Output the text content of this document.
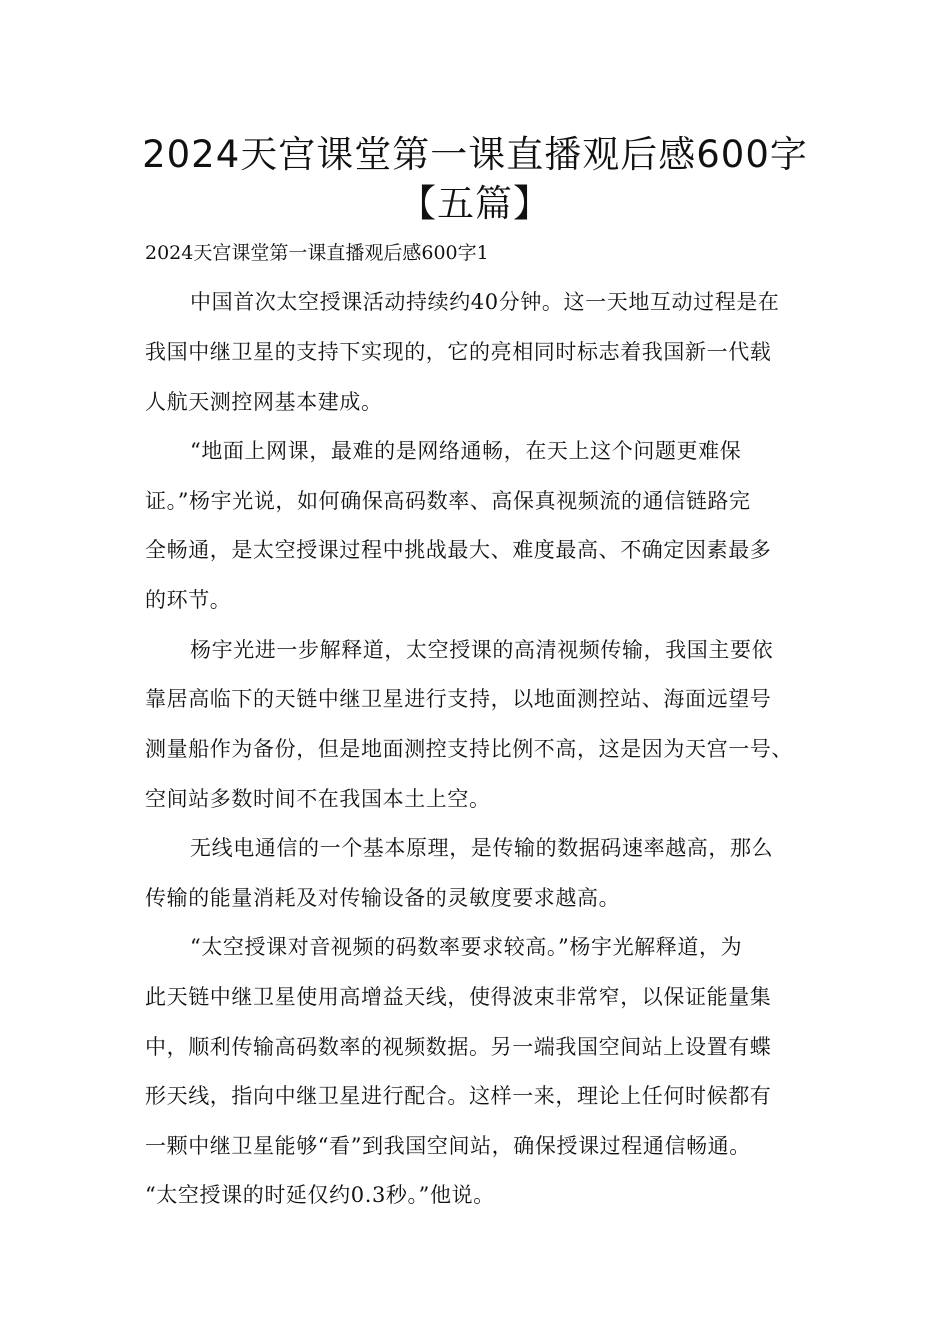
2024天宫课堂第一课直播观后感600字
【五篇】
2024天宫课堂第一课直播观后感600字1
中国首次太空授课活动持续约40分钟。这一天地互动过程是在
我国中继卫星的支持下实现的，它的亮相同时标志着我国新一代载
人航天测控网基本建成。
“地面上网课，最难的是网络通畅，在天上这个问题更难保
证。”杨宇光说，如何确保高码数率、高保真视频流的通信链路完
全畅通，是太空授课过程中挑战最大、难度最高、不确定因素最多
的环节。
杨宇光进一步解释道，太空授课的高清视频传输，我国主要依
靠居高临下的天链中继卫星进行支持，以地面测控站、海面远望号
测量船作为备份，但是地面测控支持比例不高，这是因为天宫一号、
空间站多数时间不在我国本土上空。
无线电通信的一个基本原理，是传输的数据码速率越高，那么
传输的能量消耗及对传输设备的灵敏度要求越高。
“太空授课对音视频的码数率要求较高。”杨宇光解释道，为
此天链中继卫星使用高增益天线，使得波束非常窄，以保证能量集
中，顺利传输高码数率的视频数据。另一端我国空间站上设置有蝶
形天线，指向中继卫星进行配合。这样一来，理论上任何时候都有
一颗中继卫星能够“看”到我国空间站，确保授课过程通信畅通。
“太空授课的时延仅约0.3秒。”他说。
